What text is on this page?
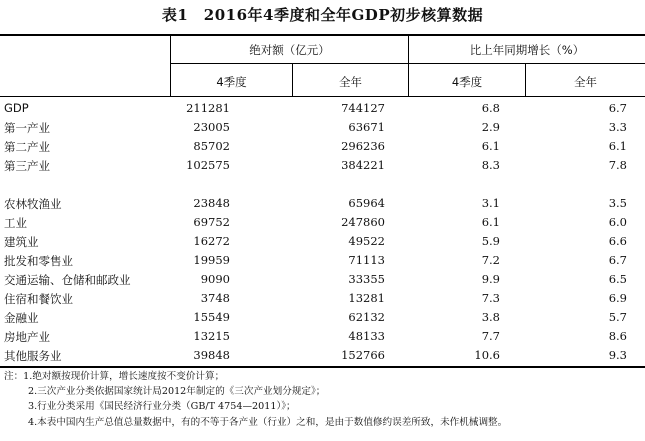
表1　2016年4季度和全年GDP初步核算数据
绝对额（亿元）	比上年同期增长（%）
4季度	全年	4季度	全年
GDP	211281	744127	6.8	6.7
第一产业	23005	63671	2.9	3.3
第二产业	85702	296236	6.1	6.1
第三产业	102575	384221	8.3	7.8
农林牧渔业	23848	65964	3.1	3.5
工业	69752	247860	6.1	6.0
建筑业	16272	49522	5.9	6.6
批发和零售业	19959	71113	7.2	6.7
交通运输、仓储和邮政业	9090	33355	9.9	6.5
住宿和餐饮业	3748	13281	7.3	6.9
金融业	15549	62132	3.8	5.7
房地产业	13215	48133	7.7	8.6
其他服务业	39848	152766	10.6	9.3
注：1.绝对额按现价计算，增长速度按不变价计算；
2.三次产业分类依据国家统计局2012年制定的《三次产业划分规定》；
3.行业分类采用《国民经济行业分类（GB/T 4754—2011）》；
4.本表中国内生产总值总量数据中，有的不等于各产业（行业）之和，是由于数值修约误差所致，未作机械调整。
